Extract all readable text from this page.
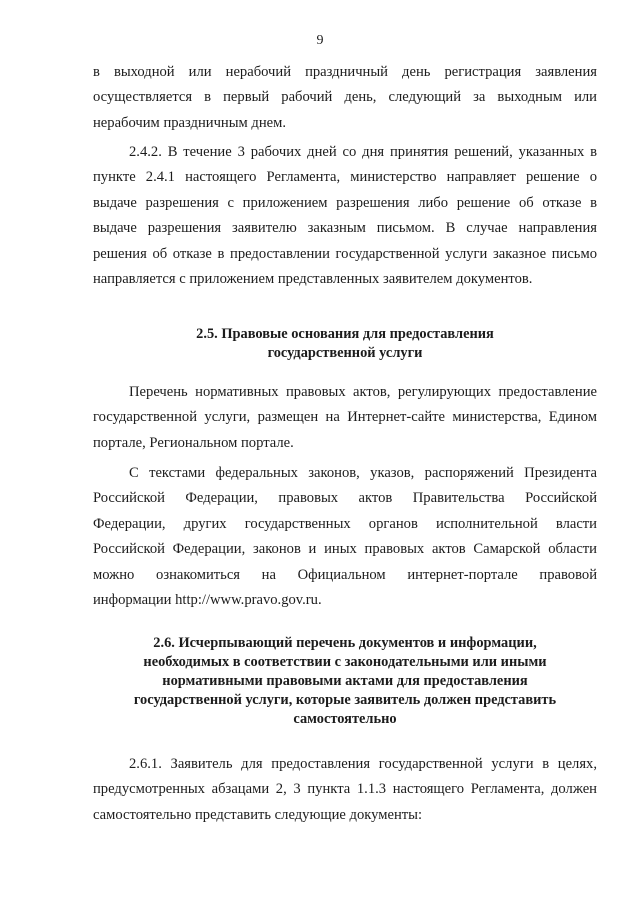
9
в выходной или нерабочий праздничный день регистрация заявления
осуществляется в первый рабочий день, следующий за выходным или
нерабочим праздничным днем.
2.4.2. В течение 3 рабочих дней со дня принятия решений, указанных в
пункте 2.4.1 настоящего Регламента, министерство направляет решение о
выдаче разрешения с приложением разрешения либо решение об отказе в
выдаче разрешения заявителю заказным письмом. В случае направления
решения об отказе в предоставлении государственной услуги заказное письмо
направляется с приложением представленных заявителем документов.
2.5. Правовые основания для предоставления
государственной услуги
Перечень нормативных правовых актов, регулирующих предоставление
государственной услуги, размещен на Интернет-сайте министерства, Едином
портале, Региональном портале.
С текстами федеральных законов, указов, распоряжений Президента
Российской Федерации, правовых актов Правительства Российской
Федерации, других государственных органов исполнительной власти
Российской Федерации, законов и иных правовых актов Самарской области
можно ознакомиться на Официальном интернет-портале правовой
информации http://www.pravo.gov.ru.
2.6. Исчерпывающий перечень документов и информации,
необходимых в соответствии с законодательными или иными
нормативными правовыми актами для предоставления
государственной услуги, которые заявитель должен представить
самостоятельно
2.6.1. Заявитель для предоставления государственной услуги в целях,
предусмотренных абзацами 2, 3 пункта 1.1.3 настоящего Регламента, должен
самостоятельно представить следующие документы:
